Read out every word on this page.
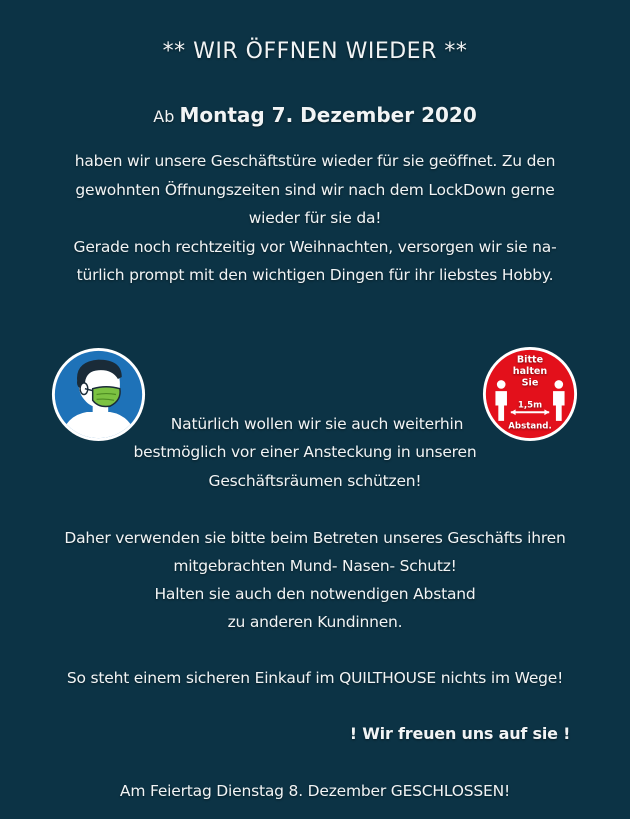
** WIR ÖFFNEN WIEDER **
Ab Montag 7. Dezember 2020
haben wir unsere Geschäftstüre wieder für sie geöffnet. Zu den
gewohnten Öffnungszeiten sind wir nach dem LockDown gerne
wieder für sie da!
Gerade noch rechtzeitig vor Weihnachten, versorgen wir sie na-
türlich prompt mit den wichtigen Dingen für ihr liebstes Hobby.
Bitte
halten
Sie
1,5m
Abstand.
Natürlich wollen wir sie auch weiterhin
bestmöglich vor einer Ansteckung in unseren
Geschäftsräumen schützen!
Daher verwenden sie bitte beim Betreten unseres Geschäfts ihren
mitgebrachten Mund- Nasen- Schutz!
Halten sie auch den notwendigen Abstand
zu anderen Kundinnen.
So steht einem sicheren Einkauf im QUILTHOUSE nichts im Wege!
! Wir freuen uns auf sie !
Am Feiertag Dienstag 8. Dezember GESCHLOSSEN!
